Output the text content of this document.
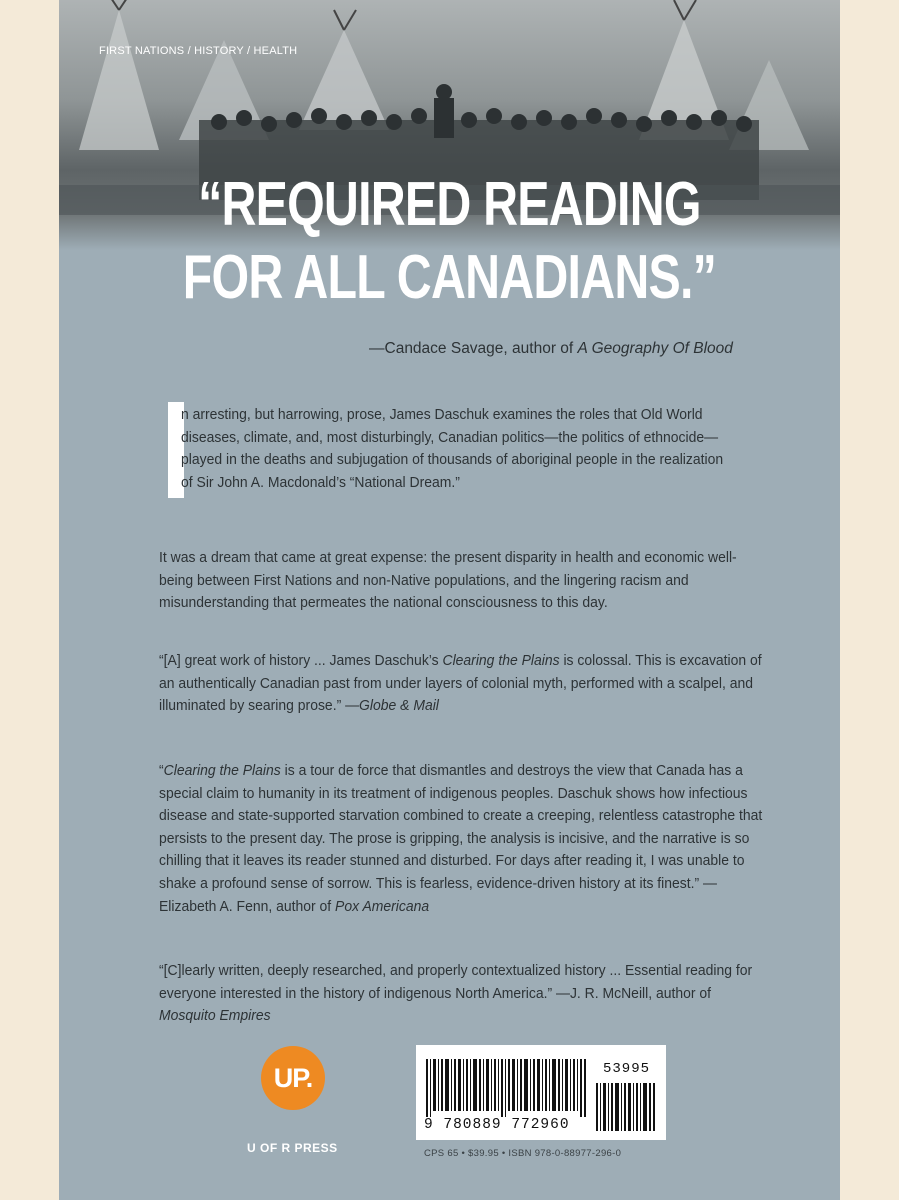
FIRST NATIONS / HISTORY / HEALTH

“REQUIRED READING
FOR ALL CANADIANS.”

—Candace Savage, author of A Geography Of Blood

n arresting, but harrowing, prose, James Daschuk examines the roles that Old World diseases, climate, and, most disturbingly, Canadian politics—the politics of ethnocide—played in the deaths and subjugation of thousands of aboriginal people in the realization of Sir John A. Macdonald’s “National Dream.”

It was a dream that came at great expense: the present disparity in health and economic well-being between First Nations and non-Native populations, and the lingering racism and misunderstanding that permeates the national consciousness to this day.

“[A] great work of history ... James Daschuk’s Clearing the Plains is colossal. This is excavation of an authentically Canadian past from under layers of colonial myth, performed with a scalpel, and illuminated by searing prose.” —Globe & Mail

“Clearing the Plains is a tour de force that dismantles and destroys the view that Canada has a special claim to humanity in its treatment of indigenous peoples. Daschuk shows how infectious disease and state-supported starvation combined to create a creeping, relentless catastrophe that persists to the present day. The prose is gripping, the analysis is incisive, and the narrative is so chilling that it leaves its reader stunned and disturbed. For days after reading it, I was unable to shake a profound sense of sorrow. This is fearless, evidence-driven history at its finest.” —Elizabeth A. Fenn, author of Pox Americana

“[C]learly written, deeply researched, and properly contextualized history ... Essential reading for everyone interested in the history of indigenous North America.” —J. R. McNeill, author of Mosquito Empires

UP.

U OF R PRESS

53995

9 780889 772960

CPS 65 • $39.95 • ISBN 978-0-88977-296-0
